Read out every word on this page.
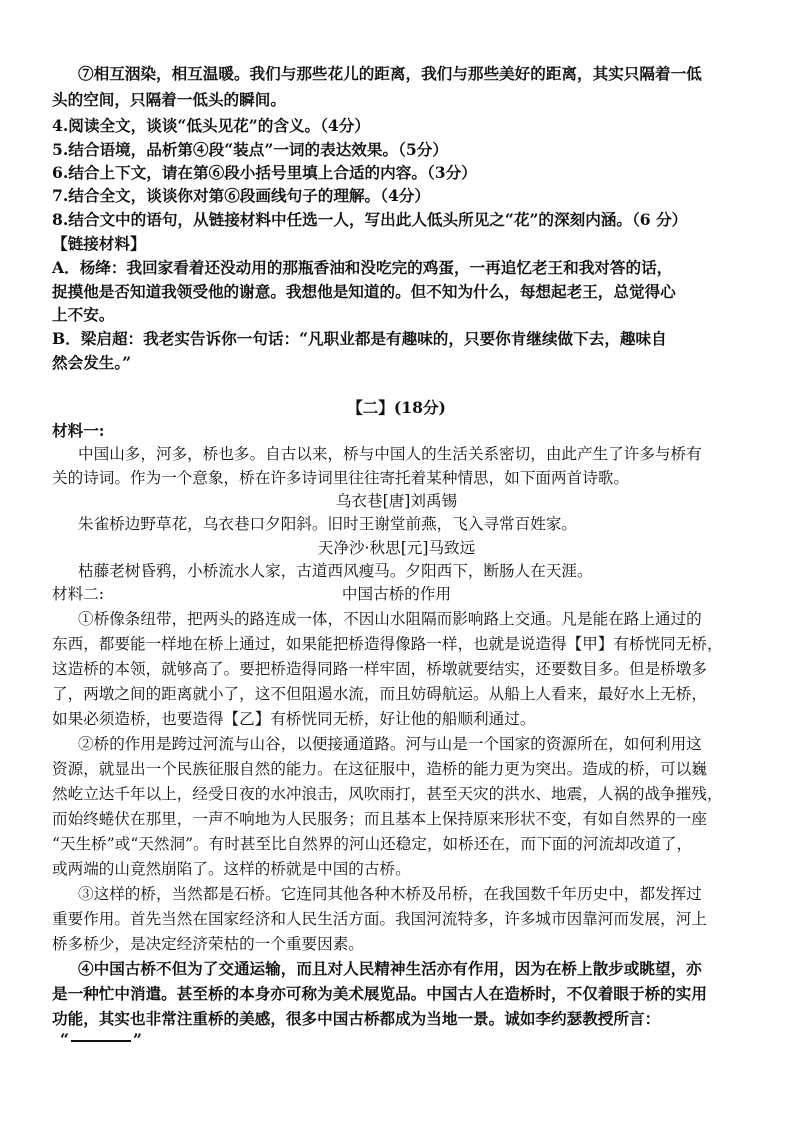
⑦相互洇染，相互温暖。我们与那些花儿的距离，我们与那些美好的距离，其实只隔着一低
头的空间，只隔着一低头的瞬间。
4.阅读全文，谈谈“低头见花”的含义。（4分）
5.结合语境，品析第④段“装点”一词的表达效果。（5分）
6.结合上下文，请在第⑥段小括号里填上合适的内容。（3分）
7.结合全文，谈谈你对第⑥段画线句子的理解。（4分）
8.结合文中的语句，从链接材料中任选一人，写出此人低头所见之“花”的深刻内涵。（6 分）
【链接材料】
A．杨绛：我回家看着还没动用的那瓶香油和没吃完的鸡蛋，一再追忆老王和我对答的话，
捉摸他是否知道我领受他的谢意。我想他是知道的。但不知为什么，每想起老王，总觉得心
上不安。
B．梁启超：我老实告诉你一句话：“凡职业都是有趣味的，只要你肯继续做下去，趣味自
然会发生。”
【二】(18分)
材料一:
中国山多，河多，桥也多。自古以来，桥与中国人的生活关系密切，由此产生了许多与桥有
关的诗词。作为一个意象，桥在许多诗词里往往寄托着某种情思，如下面两首诗歌。
乌衣巷[唐]刘禹锡
朱雀桥边野草花，乌衣巷口夕阳斜。旧时王谢堂前燕，飞入寻常百姓家。
天净沙·秋思[元]马致远
枯藤老树昏鸦，小桥流水人家，古道西风瘦马。夕阳西下，断肠人在天涯。
材料二:	中国古桥的作用
①桥像条纽带，把两头的路连成一体，不因山水阻隔而影响路上交通。凡是能在路上通过的
东西，都要能一样地在桥上通过，如果能把桥造得像路一样，也就是说造得【甲】有桥恍同无桥，
这造桥的本领，就够高了。要把桥造得同路一样牢固，桥墩就要结实，还要数目多。但是桥墩多
了，两墩之间的距离就小了，这不但阻遏水流，而且妨碍航运。从船上人看来，最好水上无桥，
如果必须造桥，也要造得【乙】有桥恍同无桥，好让他的船顺利通过。
②桥的作用是跨过河流与山谷，以便接通道路。河与山是一个国家的资源所在，如何利用这
资源，就显出一个民族征服自然的能力。在这征服中，造桥的能力更为突出。造成的桥，可以巍
然屹立达千年以上，经受日夜的水冲浪击，风吹雨打，甚至天灾的洪水、地震，人祸的战争摧残，
而始终蜷伏在那里，一声不响地为人民服务；而且基本上保持原来形状不变，有如自然界的一座
“天生桥”或“天然洞”。有时甚至比自然界的河山还稳定，如桥还在，而下面的河流却改道了，
或两端的山竟然崩陷了。这样的桥就是中国的古桥。
③这样的桥，当然都是石桥。它连同其他各种木桥及吊桥，在我国数千年历史中，都发挥过
重要作用。首先当然在国家经济和人民生活方面。我国河流特多，许多城市因靠河而发展，河上
桥多桥少，是决定经济荣枯的一个重要因素。
④中国古桥不但为了交通运输，而且对人民精神生活亦有作用，因为在桥上散步或眺望，亦
是一种忙中消遣。甚至桥的本身亦可称为美术展览品。中国古人在造桥时，不仅着眼于桥的实用
功能，其实也非常注重桥的美感，很多中国古桥都成为当地一景。诚如李约瑟教授所言：
“	”
